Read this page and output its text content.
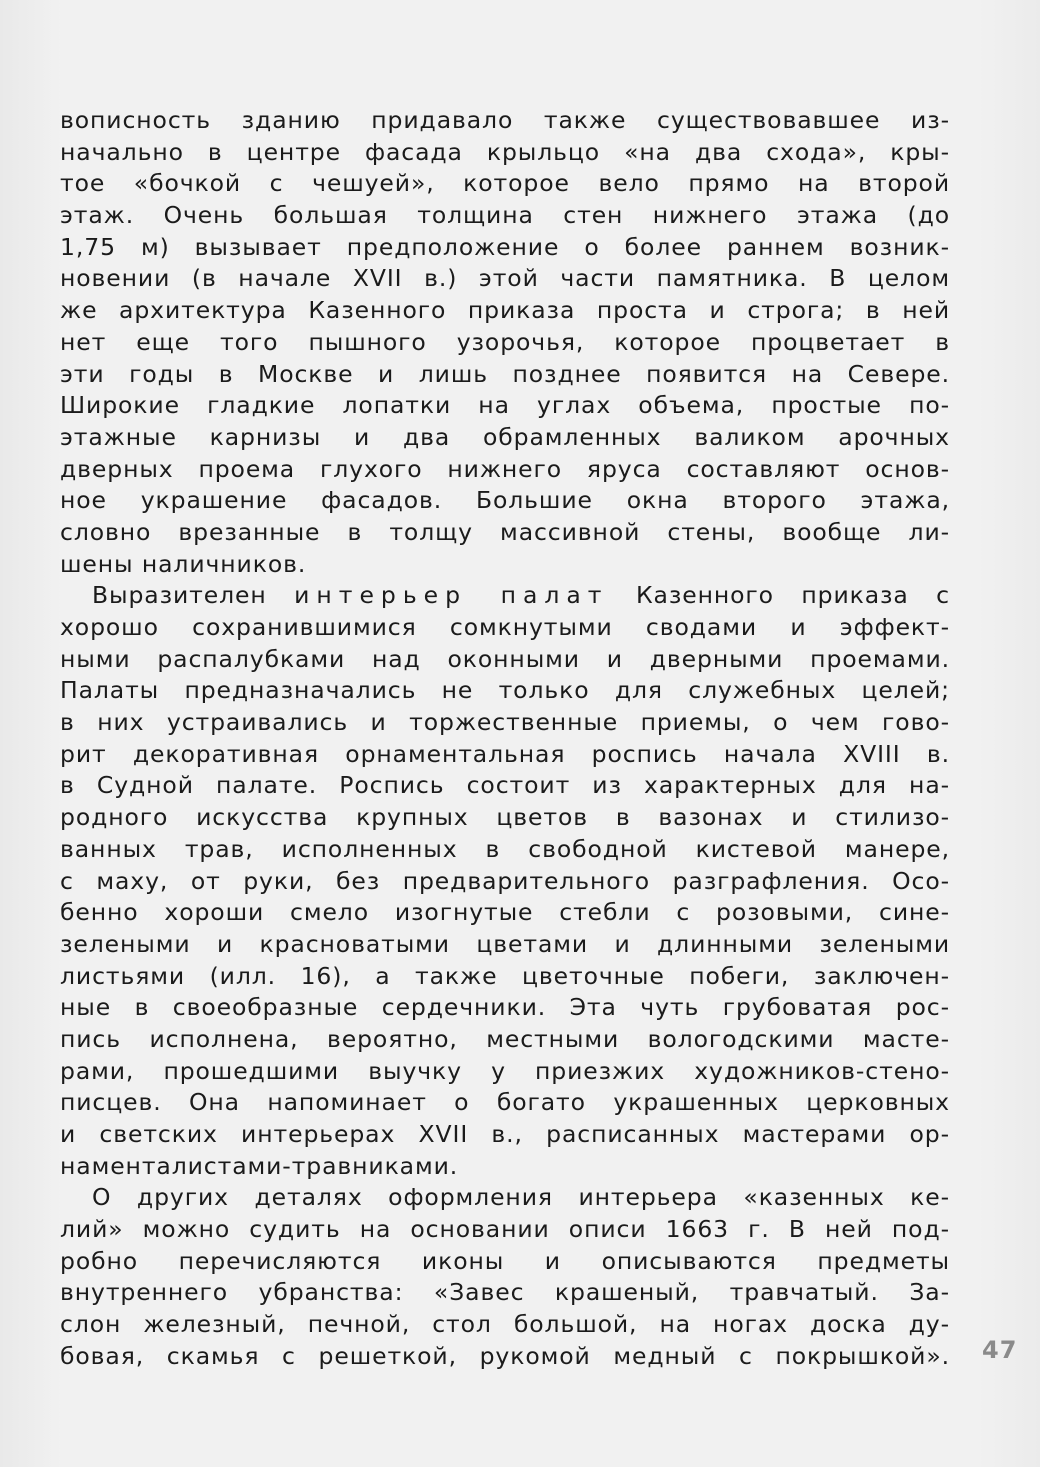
вописность зданию придавало также существовавшее из-
начально в центре фасада крыльцо «на два схода», кры-
тое «бочкой с чешуей», которое вело прямо на второй
этаж. Очень большая толщина стен нижнего этажа (до
1,75 м) вызывает предположение о более раннем возник-
новении (в начале XVII в.) этой части памятника. В целом
же архитектура Казенного приказа проста и строга; в ней
нет еще того пышного узорочья, которое процветает в
эти годы в Москве и лишь позднее появится на Севере.
Широкие гладкие лопатки на углах объема, простые по-
этажные карнизы и два обрамленных валиком арочных
дверных проема глухого нижнего яруса составляют основ-
ное украшение фасадов. Большие окна второго этажа,
словно врезанные в толщу массивной стены, вообще ли-
шены наличников.
Выразителен интерьер палат Казенного приказа с
хорошо сохранившимися сомкнутыми сводами и эффект-
ными распалубками над оконными и дверными проемами.
Палаты предназначались не только для служебных целей;
в них устраивались и торжественные приемы, о чем гово-
рит декоративная орнаментальная роспись начала XVIII в.
в Судной палате. Роспись состоит из характерных для на-
родного искусства крупных цветов в вазонах и стилизо-
ванных трав, исполненных в свободной кистевой манере,
с маху, от руки, без предварительного разграфления. Осо-
бенно хороши смело изогнутые стебли с розовыми, сине-
зелеными и красноватыми цветами и длинными зелеными
листьями (илл. 16), а также цветочные побеги, заключен-
ные в своеобразные сердечники. Эта чуть грубоватая рос-
пись исполнена, вероятно, местными вологодскими масте-
рами, прошедшими выучку у приезжих художников-стено-
писцев. Она напоминает о богато украшенных церковных
и светских интерьерах XVII в., расписанных мастерами ор-
наменталистами-травниками.
О других деталях оформления интерьера «казенных ке-
лий» можно судить на основании описи 1663 г. В ней под-
робно перечисляются иконы и описываются предметы
внутреннего убранства: «Завес крашеный, травчатый. За-
слон железный, печной, стол большой, на ногах доска ду-
бовая, скамья с решеткой, рукомой медный с покрышкой». 47
